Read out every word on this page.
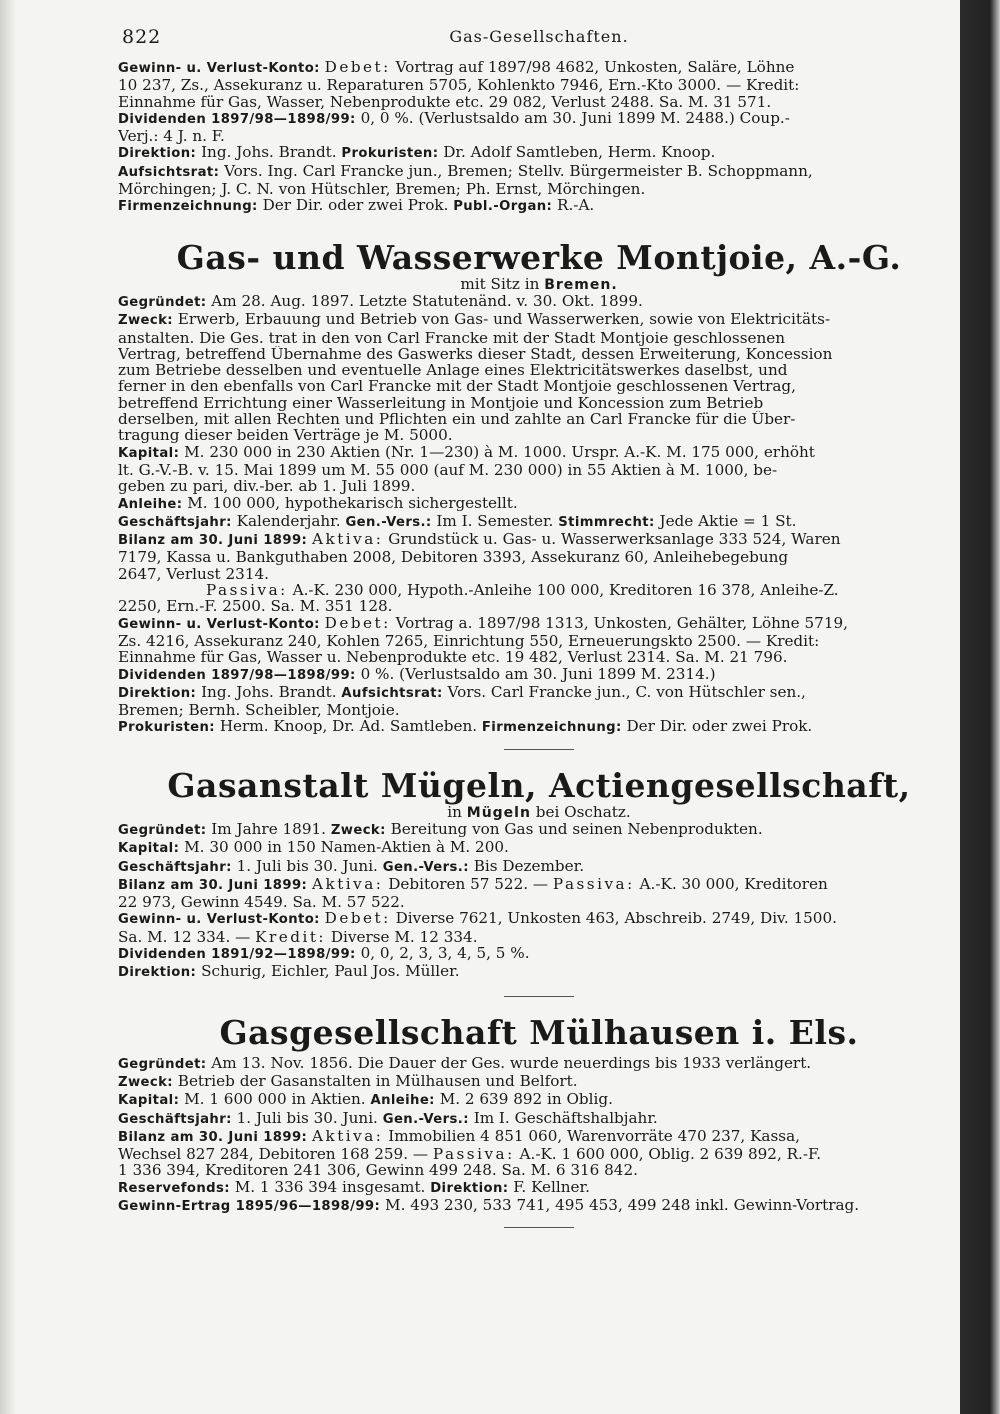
822	Gas-Gesellschaften.

Gewinn- u. Verlust-Konto: Debet: Vortrag auf 1897/98 4682, Unkosten, Saläre, Löhne

10 237, Zs., Assekuranz u. Reparaturen 5705, Kohlenkto 7946, Ern.-Kto 3000. — Kredit:

Einnahme für Gas, Wasser, Nebenprodukte etc. 29 082, Verlust 2488. Sa. M. 31 571.

Dividenden 1897/98—1898/99: 0, 0 %. (Verlustsaldo am 30. Juni 1899 M. 2488.) Coup.-

Verj.: 4 J. n. F.

Direktion: Ing. Johs. Brandt. Prokuristen: Dr. Adolf Samtleben, Herm. Knoop.

Aufsichtsrat: Vors. Ing. Carl Francke jun., Bremen; Stellv. Bürgermeister B. Schoppmann,

Mörchingen; J. C. N. von Hütschler, Bremen; Ph. Ernst, Mörchingen.

Firmenzeichnung: Der Dir. oder zwei Prok. Publ.-Organ: R.-A.

Gas- und Wasserwerke Montjoie, A.-G.

mit Sitz in Bremen.

Gegründet: Am 28. Aug. 1897. Letzte Statutenänd. v. 30. Okt. 1899.

Zweck: Erwerb, Erbauung und Betrieb von Gas- und Wasserwerken, sowie von Elektricitäts-

anstalten. Die Ges. trat in den von Carl Francke mit der Stadt Montjoie geschlossenen

Vertrag, betreffend Übernahme des Gaswerks dieser Stadt, dessen Erweiterung, Koncession

zum Betriebe desselben und eventuelle Anlage eines Elektricitätswerkes daselbst, und

ferner in den ebenfalls von Carl Francke mit der Stadt Montjoie geschlossenen Vertrag,

betreffend Errichtung einer Wasserleitung in Montjoie und Koncession zum Betrieb

derselben, mit allen Rechten und Pflichten ein und zahlte an Carl Francke für die Über-

tragung dieser beiden Verträge je M. 5000.

Kapital: M. 230 000 in 230 Aktien (Nr. 1—230) à M. 1000. Urspr. A.-K. M. 175 000, erhöht

lt. G.-V.-B. v. 15. Mai 1899 um M. 55 000 (auf M. 230 000) in 55 Aktien à M. 1000, be-

geben zu pari, div.-ber. ab 1. Juli 1899.

Anleihe: M. 100 000, hypothekarisch sichergestellt.

Geschäftsjahr: Kalenderjahr. Gen.-Vers.: Im I. Semester. Stimmrecht: Jede Aktie = 1 St.

Bilanz am 30. Juni 1899: Aktiva: Grundstück u. Gas- u. Wasserwerksanlage 333 524, Waren

7179, Kassa u. Bankguthaben 2008, Debitoren 3393, Assekuranz 60, Anleihebegebung

2647, Verlust 2314.

Passiva: A.-K. 230 000, Hypoth.-Anleihe 100 000, Kreditoren 16 378, Anleihe-Z.

2250, Ern.-F. 2500. Sa. M. 351 128.

Gewinn- u. Verlust-Konto: Debet: Vortrag a. 1897/98 1313, Unkosten, Gehälter, Löhne 5719,

Zs. 4216, Assekuranz 240, Kohlen 7265, Einrichtung 550, Erneuerungskto 2500. — Kredit:

Einnahme für Gas, Wasser u. Nebenprodukte etc. 19 482, Verlust 2314. Sa. M. 21 796.

Dividenden 1897/98—1898/99: 0 %. (Verlustsaldo am 30. Juni 1899 M. 2314.)

Direktion: Ing. Johs. Brandt. Aufsichtsrat: Vors. Carl Francke jun., C. von Hütschler sen.,

Bremen; Bernh. Scheibler, Montjoie.

Prokuristen: Herm. Knoop, Dr. Ad. Samtleben. Firmenzeichnung: Der Dir. oder zwei Prok.

Gasanstalt Mügeln, Actiengesellschaft,

in Mügeln bei Oschatz.

Gegründet: Im Jahre 1891. Zweck: Bereitung von Gas und seinen Nebenprodukten.

Kapital: M. 30 000 in 150 Namen-Aktien à M. 200.

Geschäftsjahr: 1. Juli bis 30. Juni. Gen.-Vers.: Bis Dezember.

Bilanz am 30. Juni 1899: Aktiva: Debitoren 57 522. — Passiva: A.-K. 30 000, Kreditoren

22 973, Gewinn 4549. Sa. M. 57 522.

Gewinn- u. Verlust-Konto: Debet: Diverse 7621, Unkosten 463, Abschreib. 2749, Div. 1500.

Sa. M. 12 334. — Kredit: Diverse M. 12 334.

Dividenden 1891/92—1898/99: 0, 0, 2, 3, 3, 4, 5, 5 %.

Direktion: Schurig, Eichler, Paul Jos. Müller.

Gasgesellschaft Mülhausen i. Els.

Gegründet: Am 13. Nov. 1856. Die Dauer der Ges. wurde neuerdings bis 1933 verlängert.

Zweck: Betrieb der Gasanstalten in Mülhausen und Belfort.

Kapital: M. 1 600 000 in Aktien. Anleihe: M. 2 639 892 in Oblig.

Geschäftsjahr: 1. Juli bis 30. Juni. Gen.-Vers.: Im I. Geschäftshalbjahr.

Bilanz am 30. Juni 1899: Aktiva: Immobilien 4 851 060, Warenvorräte 470 237, Kassa,

Wechsel 827 284, Debitoren 168 259. — Passiva: A.-K. 1 600 000, Oblig. 2 639 892, R.-F.

1 336 394, Kreditoren 241 306, Gewinn 499 248. Sa. M. 6 316 842.

Reservefonds: M. 1 336 394 insgesamt. Direktion: F. Kellner.

Gewinn-Ertrag 1895/96—1898/99: M. 493 230, 533 741, 495 453, 499 248 inkl. Gewinn-Vortrag.
